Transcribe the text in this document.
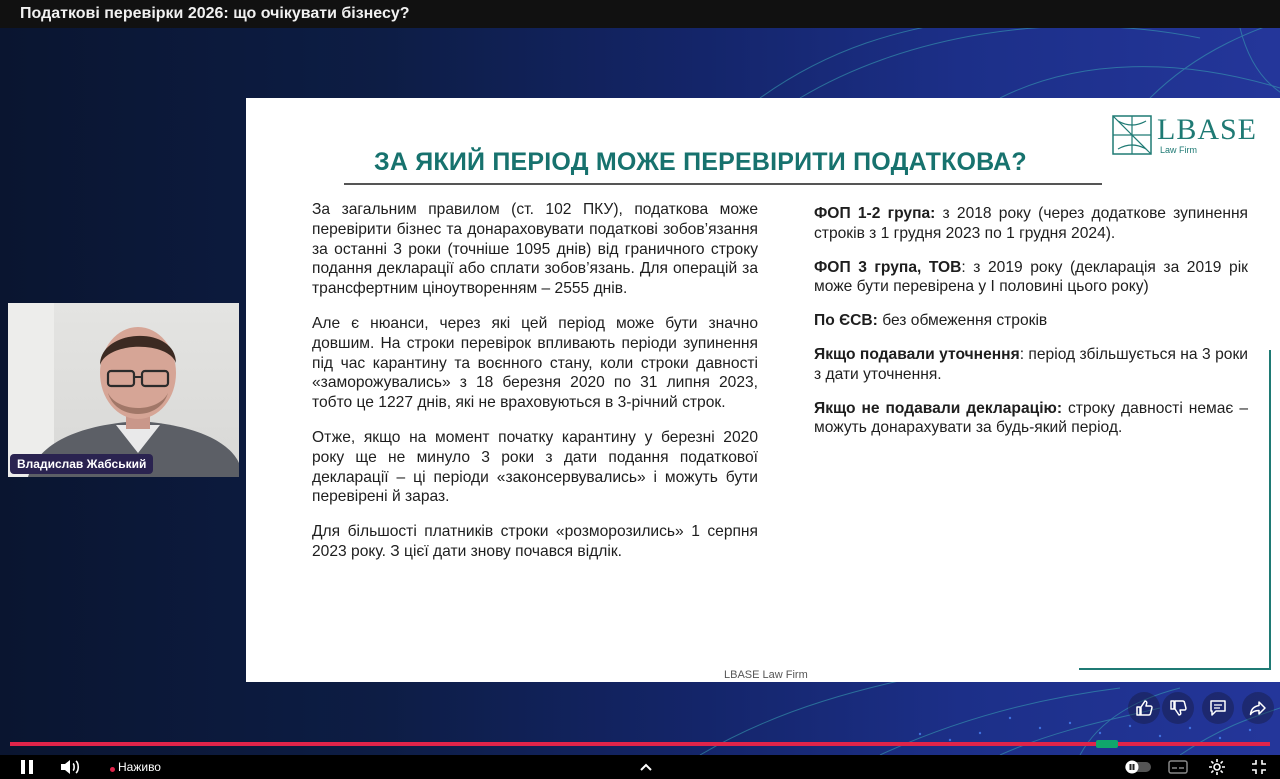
Податкові перевірки 2026: що очікувати бізнесу?
LBASE
Law Firm
ЗА ЯКИЙ ПЕРІОД МОЖЕ ПЕРЕВІРИТИ ПОДАТКОВА?

За загальним правилом (ст. 102 ПКУ), податкова може перевірити бізнес та донараховувати податкові зобов’язання за останні 3 роки (точніше 1095 днів) від граничного строку подання декларації або сплати зобов’язань. Для операцій за трансфертним ціноутворенням – 2555 днів.

Але є нюанси, через які цей період може бути значно довшим. На строки перевірок впливають періоди зупинення під час карантину та воєнного стану, коли строки давності «заморожувались» з 18 березня 2020 по 31 липня 2023, тобто це 1227 днів, які не враховуються в 3-річний строк.

Отже, якщо на момент початку карантину у березні 2020 року ще не минуло 3 роки з дати подання податкової декларації – ці періоди «законсервувались» і можуть бути перевірені й зараз.

Для більшості платників строки «розморозились» 1 серпня 2023 року. З цієї дати знову почався відлік.

ФОП 1-2 група: з 2018 року (через додаткове зупинення строків з 1 грудня 2023 по 1 грудня 2024).

ФОП 3 група, ТОВ: з 2019 року (декларація за 2019 рік може бути перевірена у І половині цього року)

По ЄСВ: без обмеження строків

Якщо подавали уточнення: період збільшується на 3 роки з дати уточнення.

Якщо не подавали декларацію: строку давності немає – можуть донарахувати за будь-який період.

LBASE Law Firm
Владислав Жабський
Наживо
